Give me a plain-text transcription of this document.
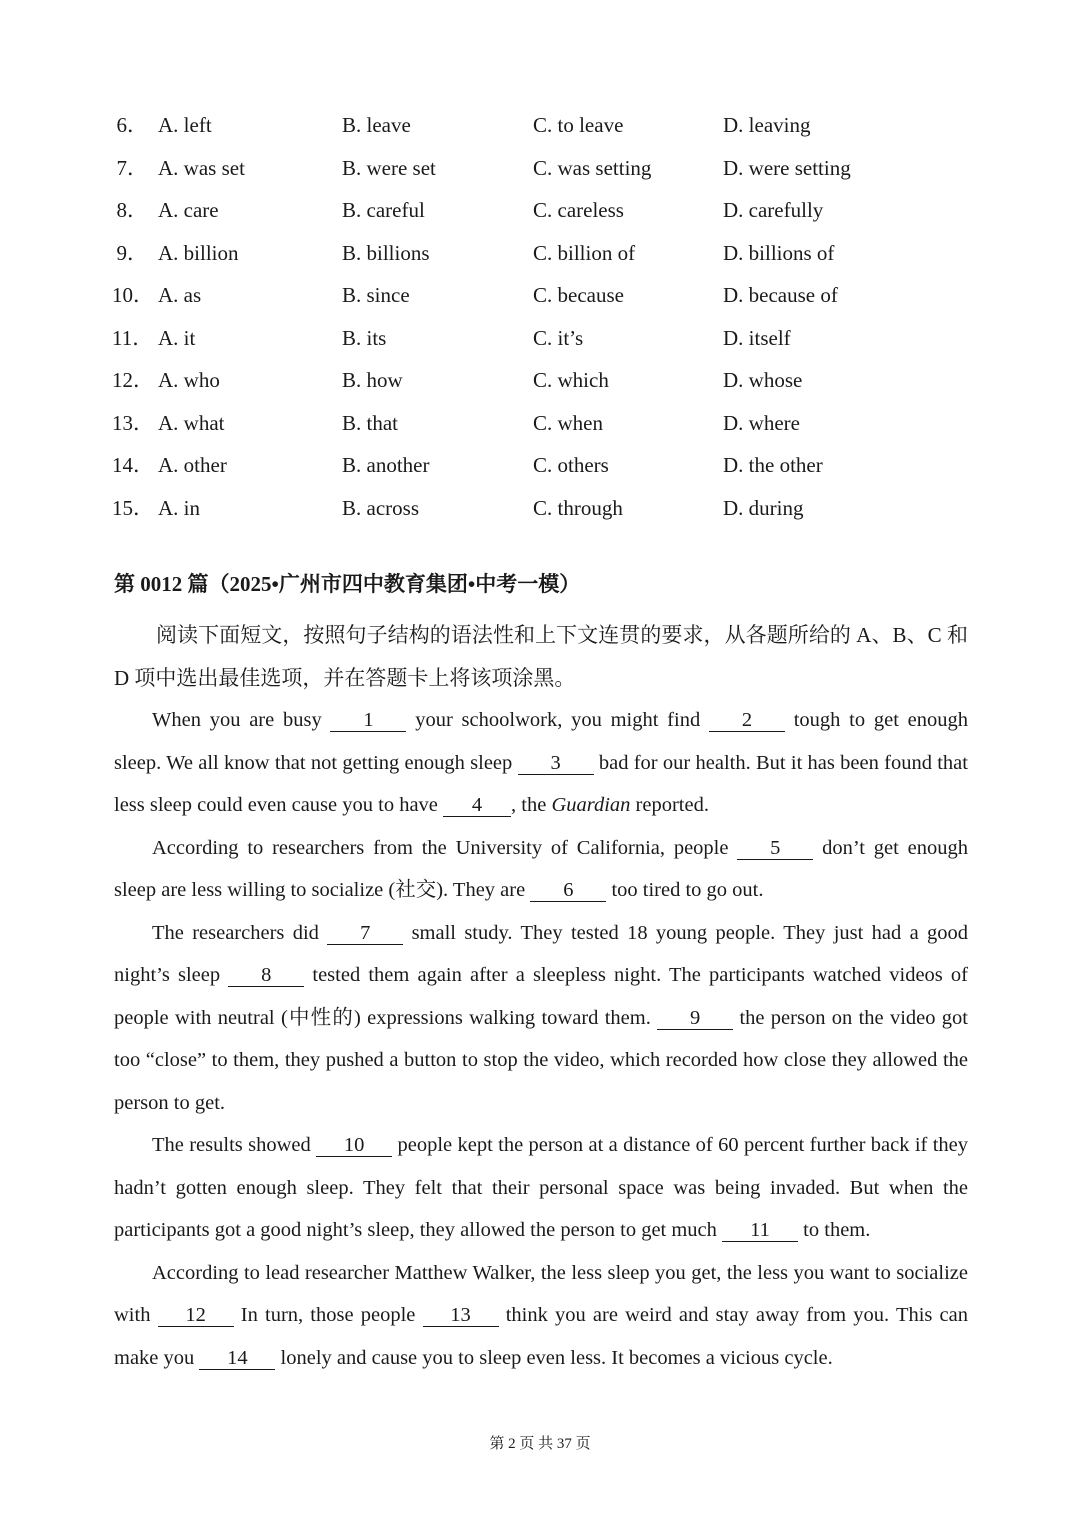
6． A. left	B. leave	C. to leave	D. leaving
7． A. was set	B. were set	C. was setting	D. were setting
8． A. care	B. careful	C. careless	D. carefully
9． A. billion	B. billions	C. billion of	D. billions of
10． A. as	B. since	C. because	D. because of
11． A. it	B. its	C. it’s	D. itself
12． A. who	B. how	C. which	D. whose
13． A. what	B. that	C. when	D. where
14． A. other	B. another	C. others	D. the other
15． A. in	B. across	C. through	D. during
第 0012 篇（2025•广州市四中教育集团•中考一模）

阅读下面短文，按照句子结构的语法性和上下文连贯的要求，从各题所给的 A、B、C 和 D 项中选出最佳选项，并在答题卡上将该项涂黑。

When you are busy 1 your schoolwork, you might find 2 tough to get enough sleep. We all know that not getting enough sleep 3 bad for our health. But it has been found that less sleep could even cause you to have 4 , the Guardian reported.

According to researchers from the University of California, people 5 don’t get enough sleep are less willing to socialize (社交). They are 6 too tired to go out.

The researchers did 7 small study. They tested 18 young people. They just had a good night’s sleep 8 tested them again after a sleepless night. The participants watched videos of people with neutral (中性的) expressions walking toward them. 9 the person on the video got too “close” to them, they pushed a button to stop the video, which recorded how close they allowed the person to get.

The results showed 10 people kept the person at a distance of 60 percent further back if they hadn’t gotten enough sleep. They felt that their personal space was being invaded. But when the participants got a good night’s sleep, they allowed the person to get much 11 to them.

According to lead researcher Matthew Walker, the less sleep you get, the less you want to socialize with 12 In turn, those people 13 think you are weird and stay away from you. This can make you 14 lonely and cause you to sleep even less. It becomes a vicious cycle.

第 2 页 共 37 页
